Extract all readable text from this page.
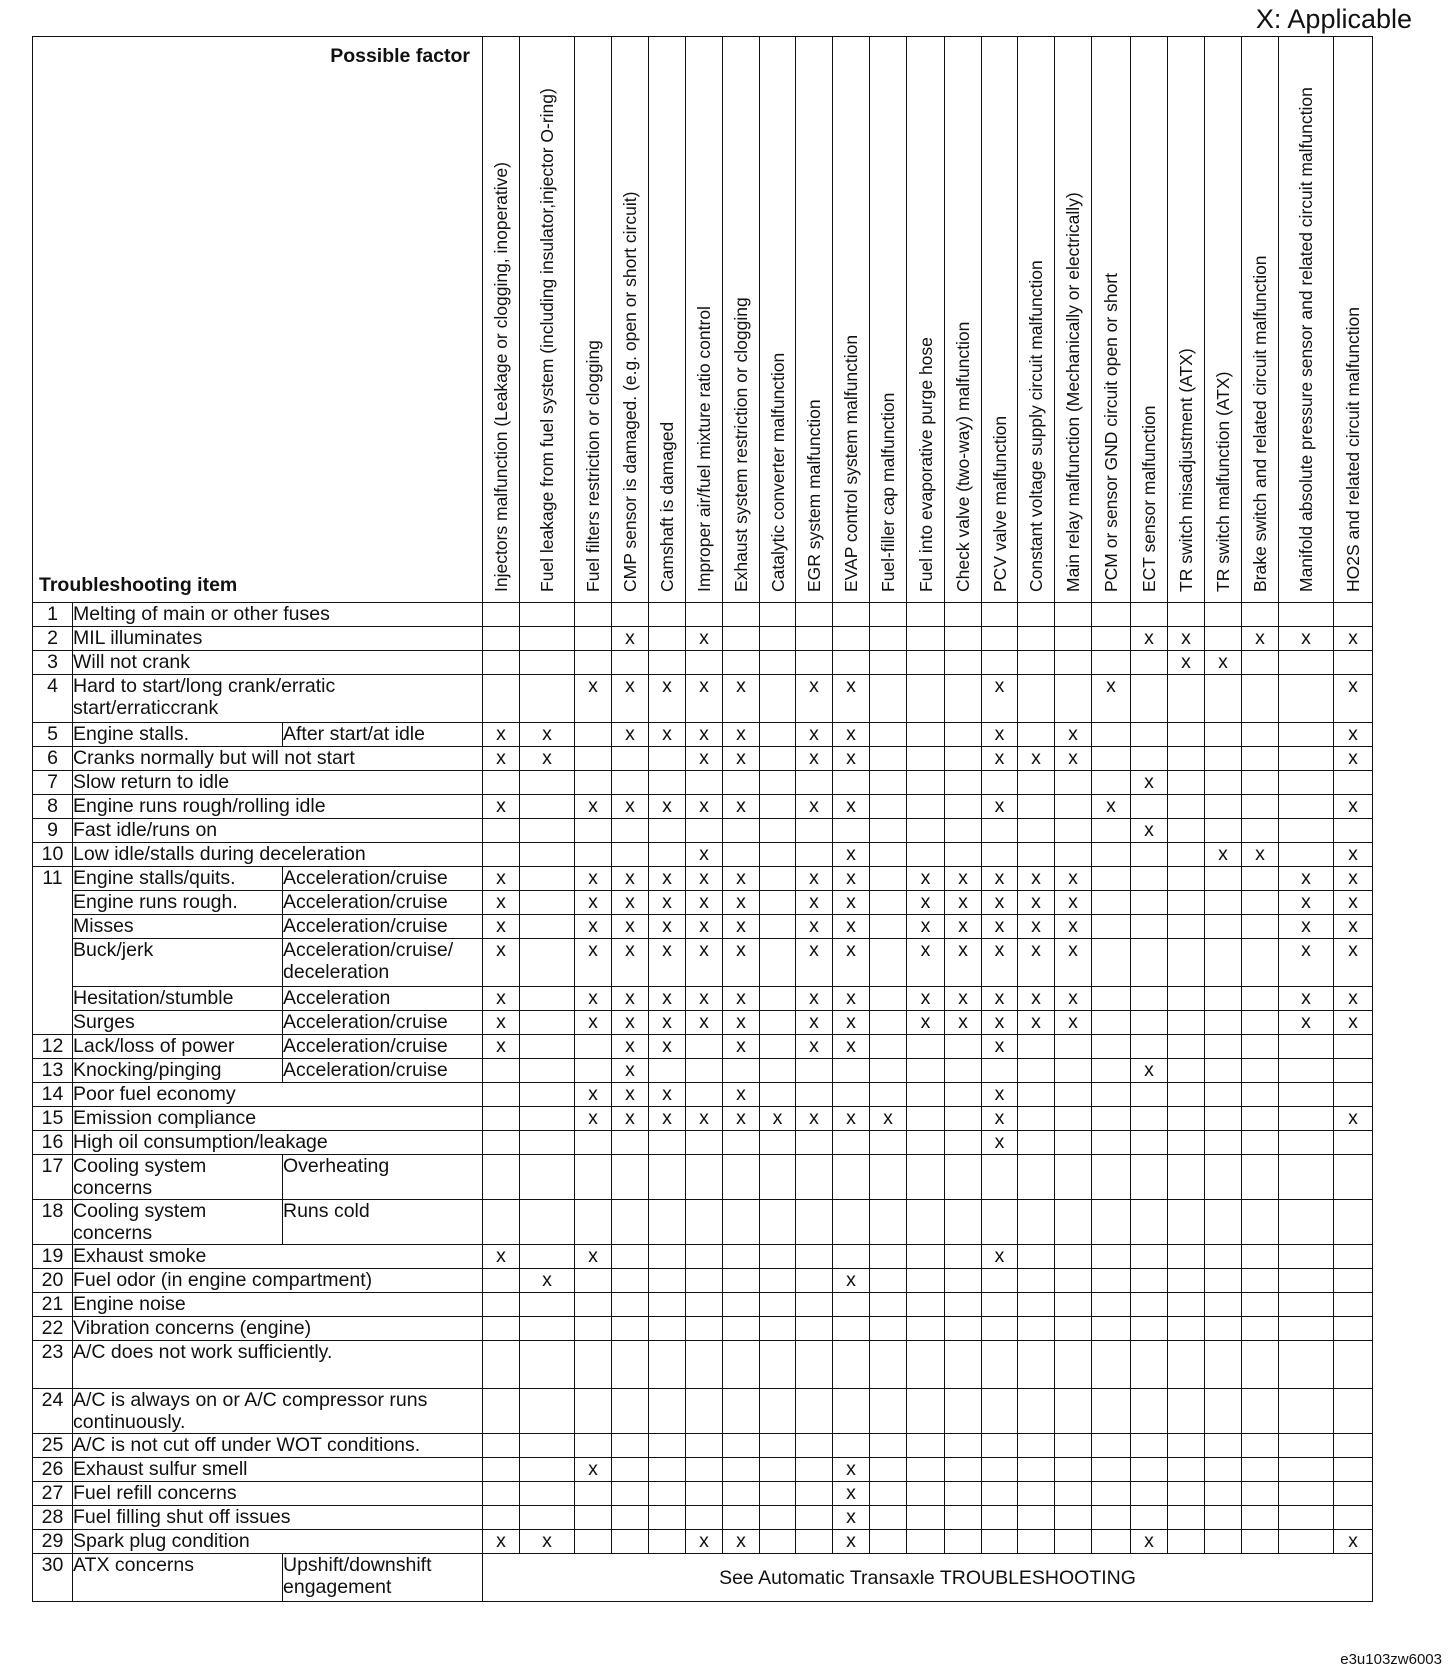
X: Applicable
Possible factor
Troubleshooting item			Injectors malfunction (Leakage or clogging, inoperative)	Fuel leakage from fuel system (including insulator,injector O-ring)	Fuel filters restriction or clogging	CMP sensor is damaged. (e.g. open or short circuit)	Camshaft is damaged	Improper air/fuel mixture ratio control	Exhaust system restriction or clogging	Catalytic converter malfunction	EGR system malfunction	EVAP control system malfunction	Fuel-filler cap malfunction	Fuel into evaporative purge hose	Check valve (two-way) malfunction	PCV valve malfunction	Constant voltage supply circuit malfunction	Main relay malfunction (Mechanically or electrically)	PCM or sensor GND circuit open or short	ECT sensor malfunction	TR switch misadjustment (ATX)	TR switch malfunction (ATX)	Brake switch and related circuit malfunction	Manifold absolute pressure sensor and related circuit malfunction	HO2S and related circuit malfunction

1	Melting of main or other fuses																								
2	MIL illuminates					x		x												x	x		x	x	x
3	Will not crank																				x	x			
4	Hard to start/long crank/erratic start/erraticcrank				x	x	x	x	x		x	x				x			x						x
5	Engine stalls.	After start/at idle	x	x		x	x	x	x		x	x				x		x							x
6	Cranks normally but will not start		x	x				x	x		x	x				x	x	x							x
7	Slow return to idle																			x					
8	Engine runs rough/rolling idle		x		x	x	x	x	x		x	x				x			x						x
9	Fast idle/runs on																			x					
10	Low idle/stalls during deceleration							x				x										x	x		x
11	Engine stalls/quits.	Acceleration/cruise	x		x	x	x	x	x		x	x		x	x	x	x	x						x	x
	Engine runs rough.	Acceleration/cruise	x		x	x	x	x	x		x	x		x	x	x	x	x						x	x
	Misses	Acceleration/cruise	x		x	x	x	x	x		x	x		x	x	x	x	x						x	x
	Buck/jerk	Acceleration/cruise/ deceleration	x		x	x	x	x	x		x	x		x	x	x	x	x						x	x
	Hesitation/stumble	Acceleration	x		x	x	x	x	x		x	x		x	x	x	x	x						x	x
	Surges	Acceleration/cruise	x		x	x	x	x	x		x	x		x	x	x	x	x						x	x
12	Lack/loss of power	Acceleration/cruise	x			x	x		x		x	x				x									
13	Knocking/pinging	Acceleration/cruise				x														x					
14	Poor fuel economy				x	x	x		x							x									
15	Emission compliance				x	x	x	x	x	x	x	x	x			x									x
16	High oil consumption/leakage															x									
17	Cooling system concerns	Overheating																							
18	Cooling system concerns	Runs cold																							
19	Exhaust smoke		x		x											x									
20	Fuel odor (in engine compartment)			x								x													
21	Engine noise																								
22	Vibration concerns (engine)																								
23	A/C does not work sufficiently.																								
24	A/C is always on or A/C compressor runs continuously.																								
25	A/C is not cut off under WOT conditions.																								
26	Exhaust sulfur smell				x							x													
27	Fuel refill concerns											x													
28	Fuel filling shut off issues											x													
29	Spark plug condition		x	x				x	x			x								x					x
30	ATX concerns	Upshift/downshift engagement	See Automatic Transaxle TROUBLESHOOTING																						
e3u103zw6003
